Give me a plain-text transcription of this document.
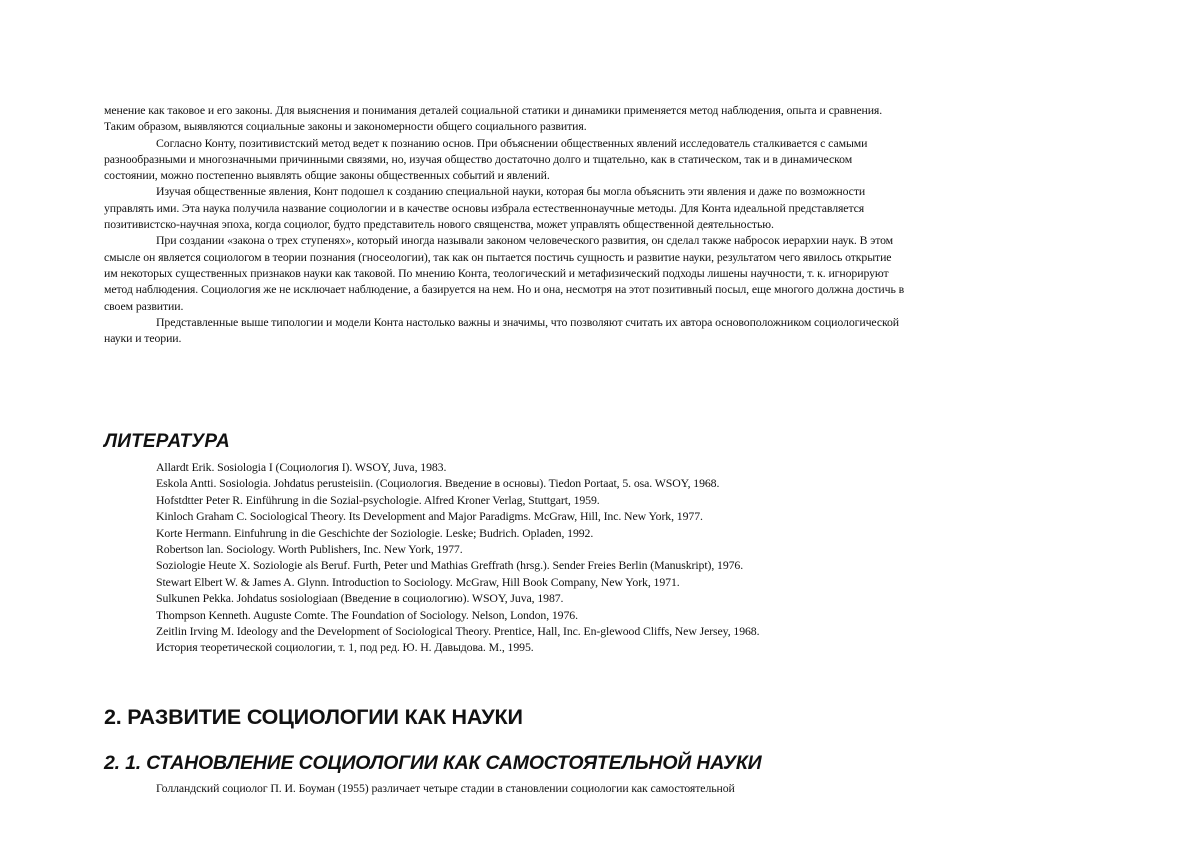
менение как таковое и его законы. Для выяснения и понимания деталей социальной статики и динамики применяется метод наблюдения, опыта и сравнения. Таким образом, выявляются социальные законы и закономерности общего социального развития.

Согласно Конту, позитивистский метод ведет к познанию основ. При объяснении общественных явлений исследователь сталкивается с самыми разнообразными и многозначными причинными связями, но, изучая общество достаточно долго и тщательно, как в статическом, так и в динамическом состоянии, можно постепенно выявлять общие законы общественных событий и явлений.

Изучая общественные явления, Конт подошел к созданию специальной науки, которая бы могла объяснить эти явления и даже по возможности управлять ими. Эта наука получила название социологии и в качестве основы избрала естественнонаучные методы. Для Конта идеальной представляется позитивистско-научная эпоха, когда социолог, будто представитель нового священства, может управлять общественной деятельностью.

При создании «закона о трех ступенях», который иногда называли законом человеческого развития, он сделал также набросок иерархии наук. В этом смысле он является социологом в теории познания (гносеологии), так как он пытается постичь сущность и развитие науки, результатом чего явилось открытие им некоторых существенных признаков науки как таковой. По мнению Конта, теологический и метафизический подходы лишены научности, т. к. игнорируют метод наблюдения. Социология же не исключает наблюдение, а базируется на нем. Но и она, несмотря на этот позитивный посыл, еще многого должна достичь в своем развитии.

Представленные выше типологии и модели Конта настолько важны и значимы, что позволяют считать их автора основоположником социологической науки и теории.

ЛИТЕРАТУРА
Allardt Erik. Sosiologia I (Социология I). WSOY, Juva, 1983.
Eskola Antti. Sosiologia. Johdatus perusteisiin. (Социология. Введение в основы). Tiedon Portaat, 5. osa. WSOY, 1968.
Hofstdtter Peter R. Einführung in die Sozial-psychologie. Alfred Kroner Verlag, Stuttgart, 1959.
Kinloch Graham C. Sociological Theory. Its Development and Major Paradigms. McGraw, Hill, Inc. New York, 1977.
Korte Hermann. Einfuhrung in die Geschichte der Soziologie. Leske; Budrich. Opladen, 1992.
Robertson lan. Sociology. Worth Publishers, Inc. New York, 1977.
Soziologie Heute X. Soziologie als Beruf. Furth, Peter und Mathias Greffrath (hrsg.). Sender Freies Berlin (Manuskript), 1976.
Stewart Elbert W. & James A. Glynn. Introduction to Sociology. McGraw, Hill Book Company, New York, 1971.
Sulkunen Pekka. Johdatus sosiologiaan (Введение в социологию). WSOY, Juva, 1987.
Thompson Kenneth. Auguste Comte. The Foundation of Sociology. Nelson, London, 1976.
Zeitlin Irving M. Ideology and the Development of Sociological Theory. Prentice, Hall, Inc. En-glewood Cliffs, New Jersey, 1968.
История теоретической социологии, т. 1, под ред. Ю. Н. Давыдова. М., 1995.
2. РАЗВИТИЕ СОЦИОЛОГИИ КАК НАУКИ
2. 1. СТАНОВЛЕНИЕ СОЦИОЛОГИИ КАК САМОСТОЯТЕЛЬНОЙ НАУКИ

Голландский социолог П. И. Боуман (1955) различает четыре стадии в становлении социологии как самостоятельной
